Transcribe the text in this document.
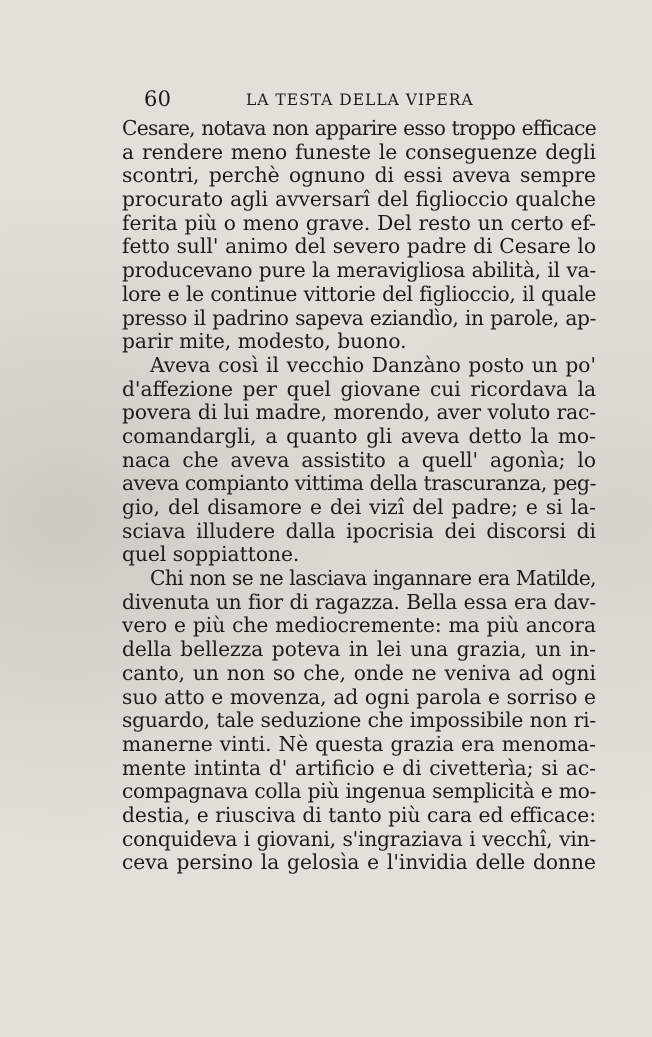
60	LA TESTA DELLA VIPERA
Cesare, notava non apparire esso troppo efficace
a rendere meno funeste le conseguenze degli
scontri, perchè ognuno di essi aveva sempre
procurato agli avversarî del figlioccio qualche
ferita più o meno grave. Del resto un certo ef-
fetto sull' animo del severo padre di Cesare lo
producevano pure la meravigliosa abilità, il va-
lore e le continue vittorie del figlioccio, il quale
presso il padrino sapeva eziandìo, in parole, ap-
parir mite, modesto, buono.
Aveva così il vecchio Danzàno posto un po'
d'affezione per quel giovane cui ricordava la
povera di lui madre, morendo, aver voluto rac-
comandargli, a quanto gli aveva detto la mo-
naca che aveva assistito a quell' agonìa; lo
aveva compianto vittima della trascuranza, peg-
gio, del disamore e dei vizî del padre; e si la-
sciava illudere dalla ipocrisia dei discorsi di
quel soppiattone.
Chi non se ne lasciava ingannare era Matilde,
divenuta un fior di ragazza. Bella essa era dav-
vero e più che mediocremente: ma più ancora
della bellezza poteva in lei una grazia, un in-
canto, un non so che, onde ne veniva ad ogni
suo atto e movenza, ad ogni parola e sorriso e
sguardo, tale seduzione che impossibile non ri-
manerne vinti. Nè questa grazia era menoma-
mente intinta d' artificio e di civetterìa; si ac-
compagnava colla più ingenua semplicità e mo-
destia, e riusciva di tanto più cara ed efficace:
conquideva i giovani, s'ingraziava i vecchî, vin-
ceva persino la gelosìa e l'invidia delle donne
